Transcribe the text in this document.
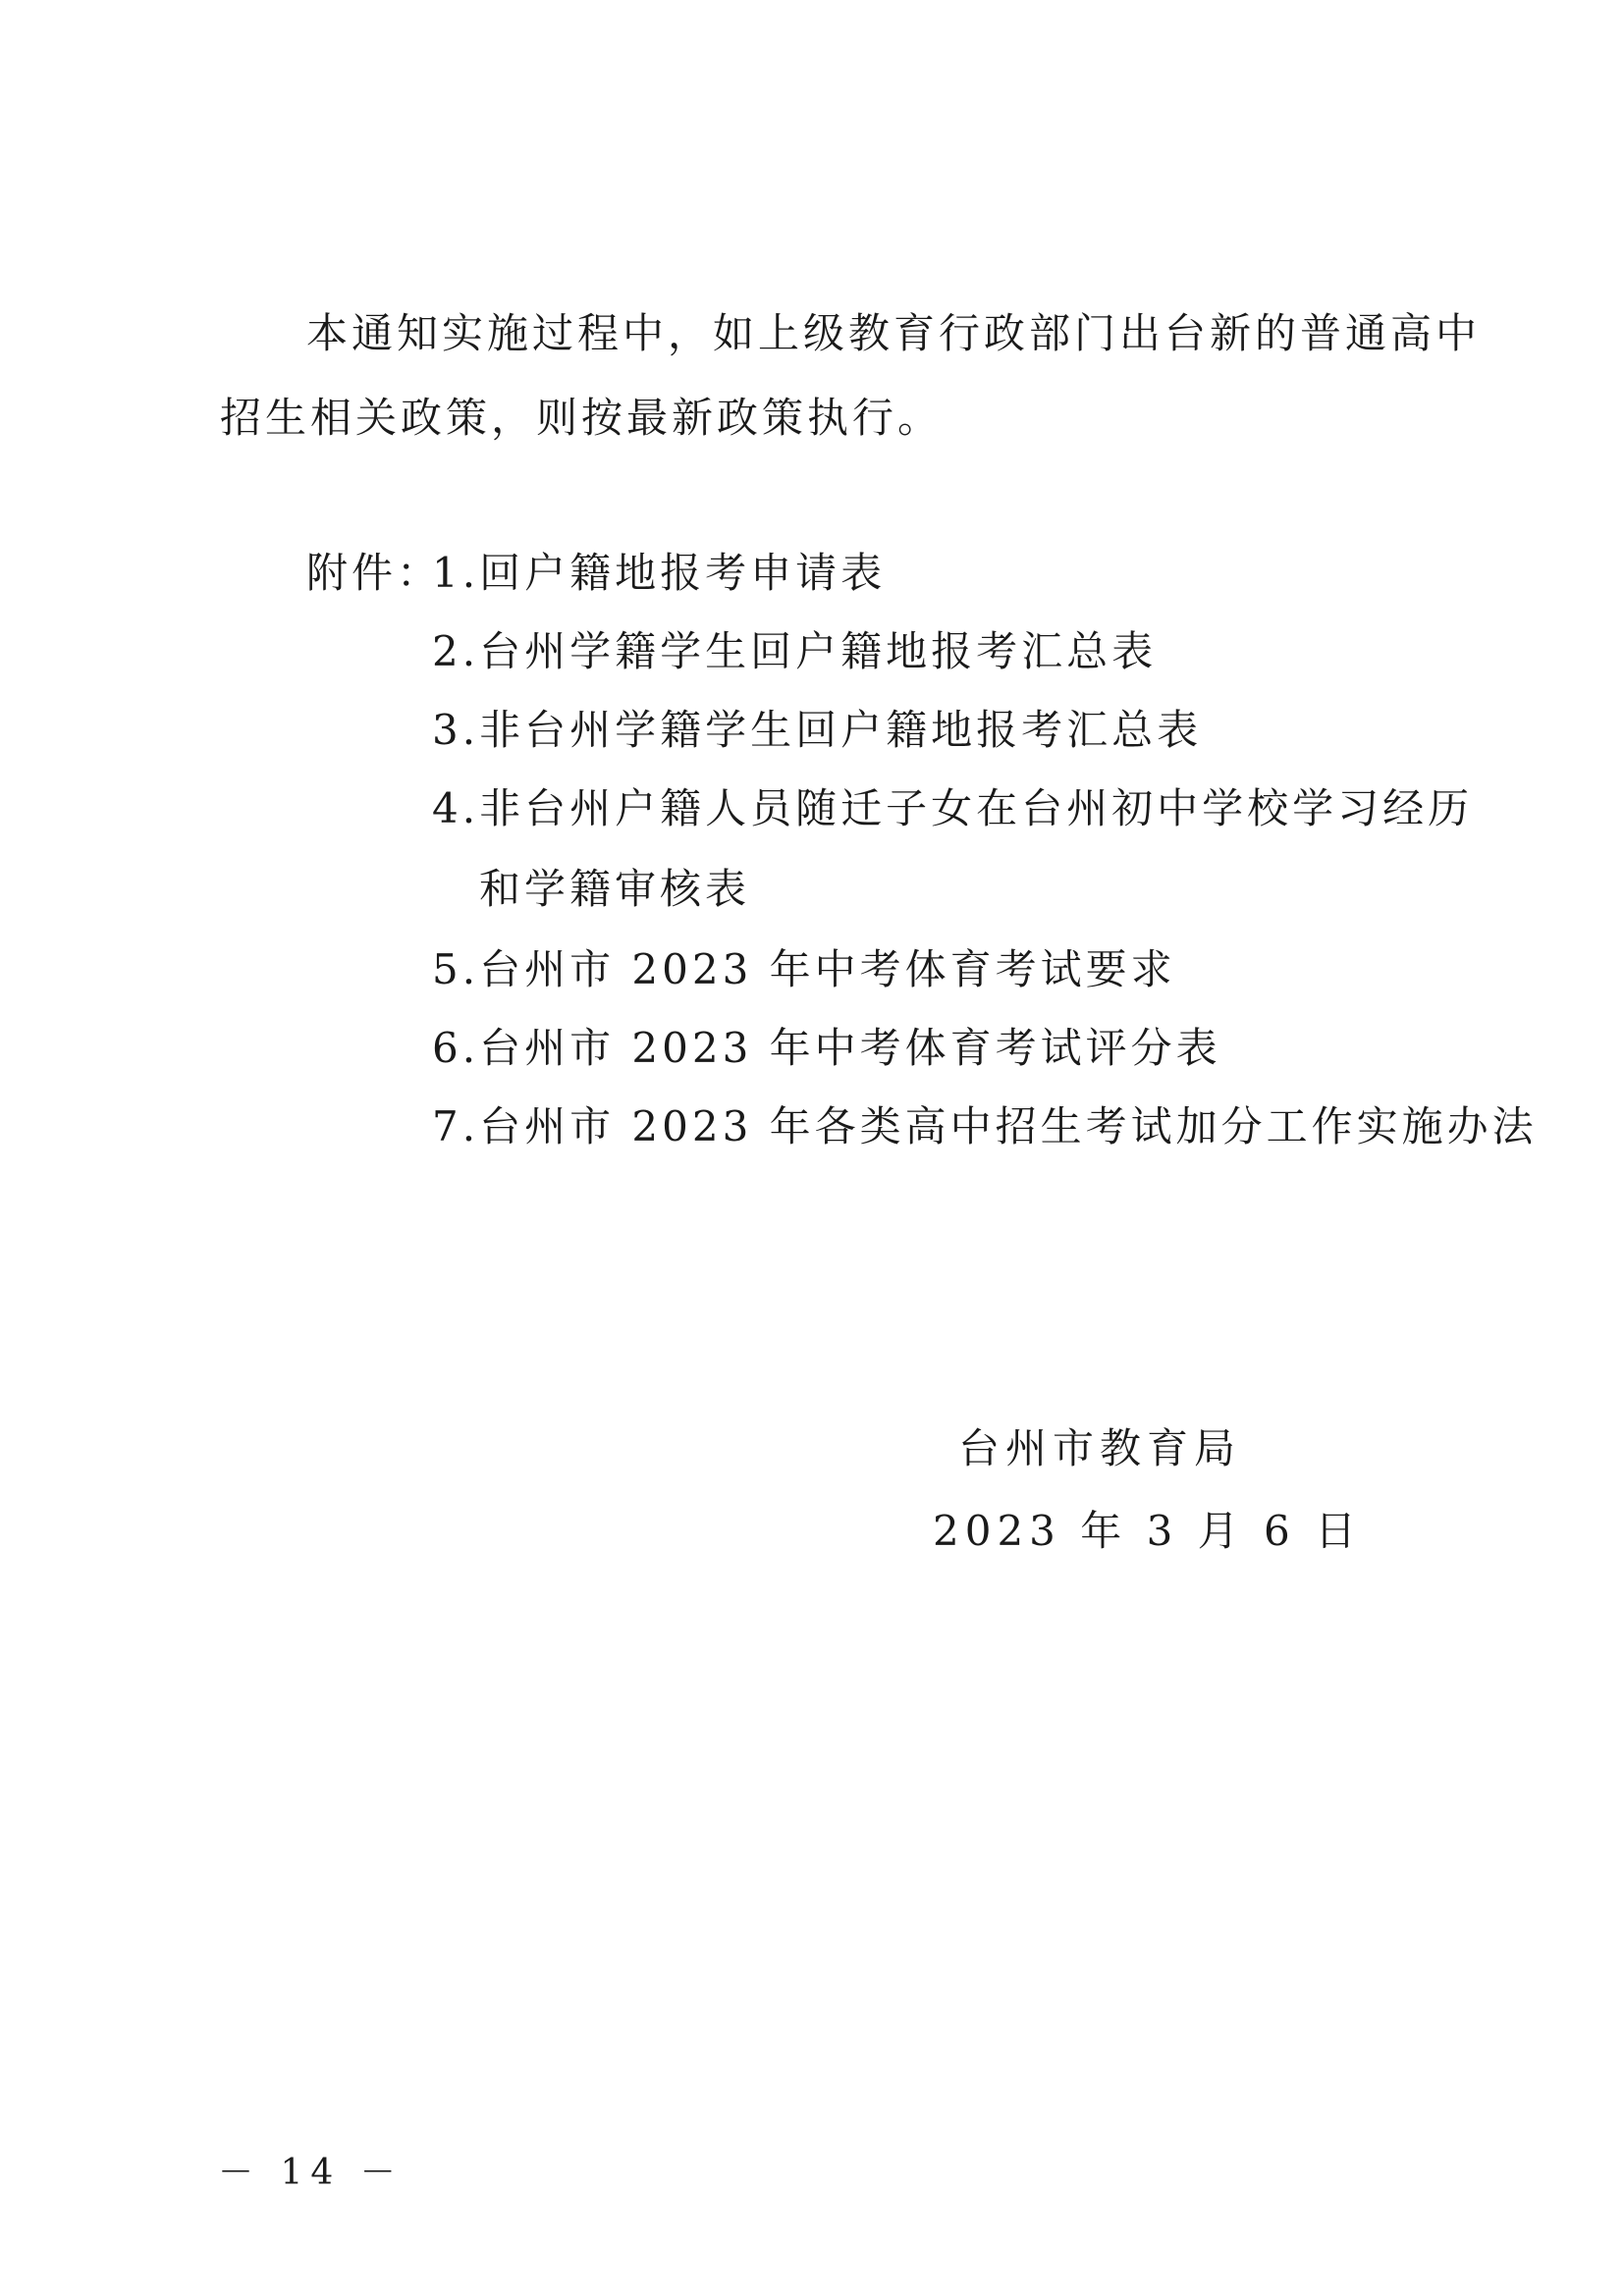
本通知实施过程中，如上级教育行政部门出台新的普通高中
招生相关政策，则按最新政策执行。
附件：
1.回户籍地报考申请表
2.台州学籍学生回户籍地报考汇总表
3.非台州学籍学生回户籍地报考汇总表
4.非台州户籍人员随迁子女在台州初中学校学习经历
和学籍审核表
5.台州市 2023 年中考体育考试要求
6.台州市 2023 年中考体育考试评分表
7.台州市 2023 年各类高中招生考试加分工作实施办法
台州市教育局
2023 年 3 月 6 日
－ 14 －
